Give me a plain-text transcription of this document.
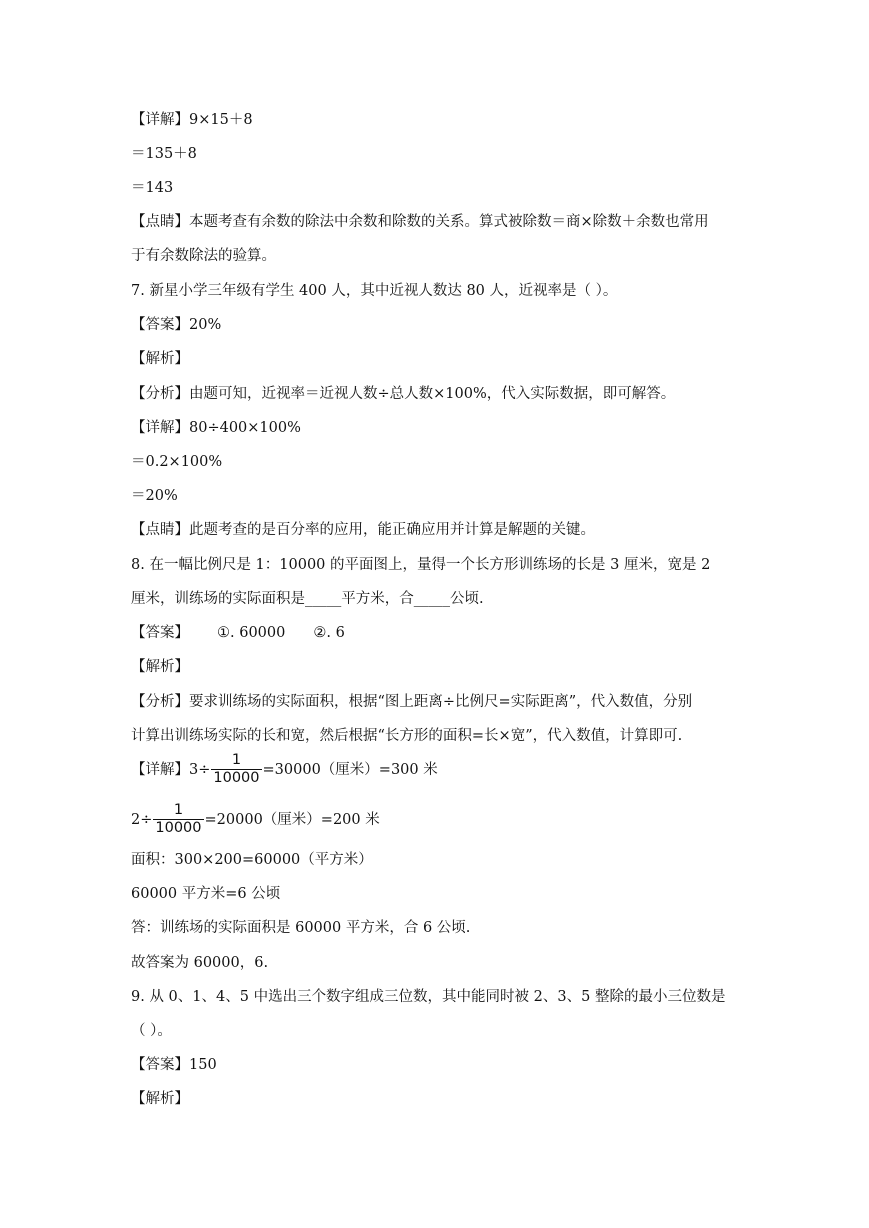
【详解】9×15＋8
＝135＋8
＝143
【点睛】本题考查有余数的除法中余数和除数的关系。算式被除数＝商×除数＋余数也常用
于有余数除法的验算。
7. 新星小学三年级有学生 400 人，其中近视人数达 80 人，近视率是（ ）。
【答案】20%
【解析】
【分析】由题可知，近视率＝近视人数÷总人数×100%，代入实际数据，即可解答。
【详解】80÷400×100%
＝0.2×100%
＝20%
【点睛】此题考查的是百分率的应用，能正确应用并计算是解题的关键。
8. 在一幅比例尺是 1：10000 的平面图上，量得一个长方形训练场的长是 3 厘米，宽是 2
厘米，训练场的实际面积是_____平方米，合_____公顷.
【答案】 ①. 60000 ②. 6
【解析】
【分析】要求训练场的实际面积，根据“图上距离÷比例尺=实际距离”，代入数值，分别
计算出训练场实际的长和宽，然后根据“长方形的面积=长×宽”，代入数值，计算即可.
【详解】$3\div \frac{1}{10000} =30000$（厘米）=300 米
$2\div \frac{1}{10000} =20000$（厘米）=200 米
面积：300×200=60000（平方米）
60000 平方米=6 公顷
答：训练场的实际面积是 60000 平方米，合 6 公顷.
故答案为 60000，6.
9. 从 0、1、4、5 中选出三个数字组成三位数，其中能同时被 2、3、5 整除的最小三位数是
（ ）。
【答案】150
【解析】
